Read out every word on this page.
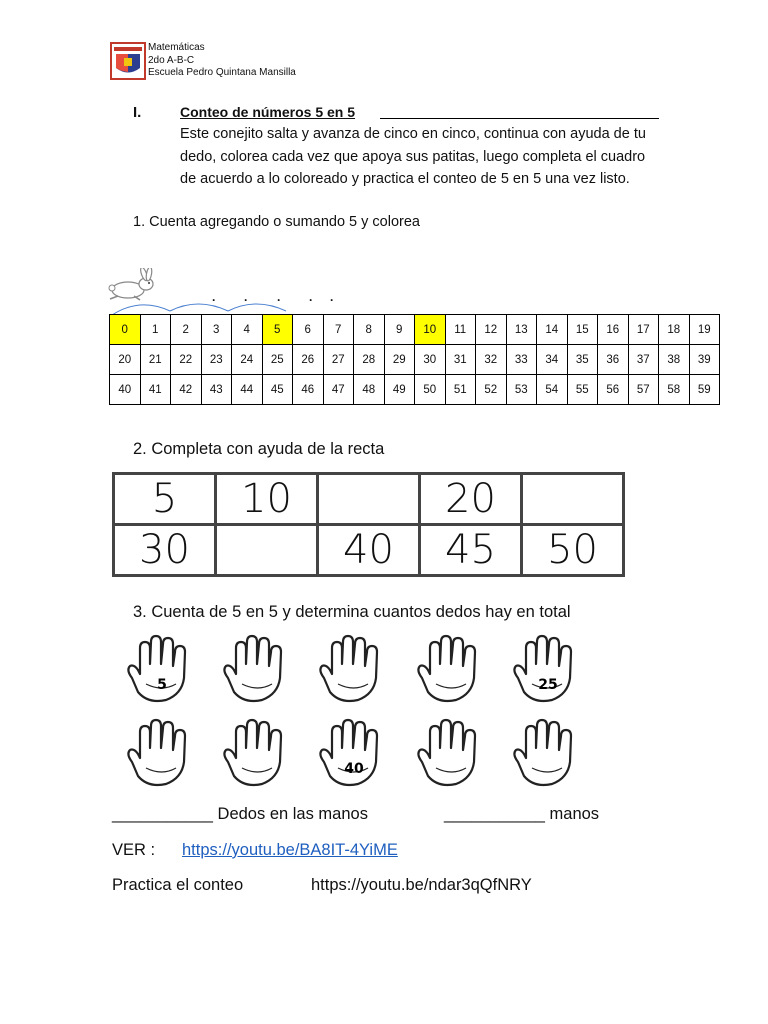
Matemáticas
2do A-B-C
Escuela Pedro Quintana Mansilla
I.	Conteo de números 5 en 5
Este conejito salta y avanza de cinco en cinco, continua con ayuda de tu dedo, colorea cada vez que apoya sus patitas, luego completa el cuadro de acuerdo a lo coloreado y practica el conteo de 5 en 5 una vez listo.
1. Cuenta agregando o sumando 5 y colorea
. . . . .
0	1	2	3	4	5	6	7	8	9	10	11	12	13	14	15	16	17	18	19
20	21	22	23	24	25	26	27	28	29	30	31	32	33	34	35	36	37	38	39
40	41	42	43	44	45	46	47	48	49	50	51	52	53	54	55	56	57	58	59
2. Completa con ayuda de la recta
5	10		20	
30		40	45	50
3. Cuenta de 5 en 5 y determina cuantos dedos hay en total
5	25
40
___________ Dedos en las manos	___________ manos
VER : https://youtu.be/BA8IT-4YiME
Practica el conteo	https://youtu.be/ndar3qQfNRY
